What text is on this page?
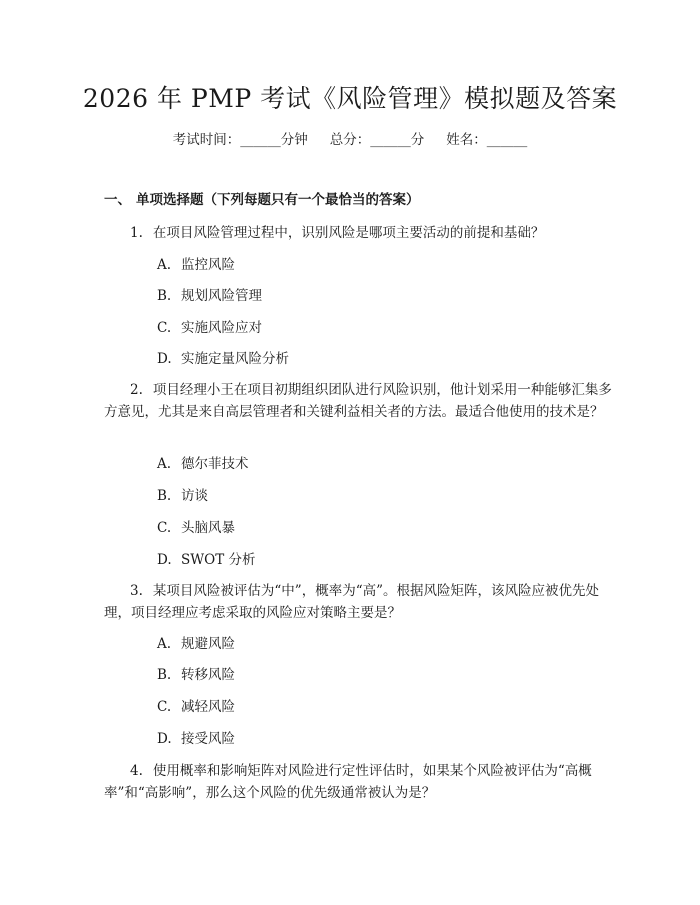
2026 年 PMP 考试《风险管理》模拟题及答案
考试时间：______分钟 总分：______分 姓名：______
一、 单项选择题（下列每题只有一个最恰当的答案）
1. 在项目风险管理过程中，识别风险是哪项主要活动的前提和基础？
A. 监控风险
B. 规划风险管理
C. 实施风险应对
D. 实施定量风险分析
2. 项目经理小王在项目初期组织团队进行风险识别，他计划采用一种能够汇集多方意见，尤其是来自高层管理者和关键利益相关者的方法。最适合他使用的技术是？
A. 德尔菲技术
B. 访谈
C. 头脑风暴
D. SWOT 分析
3. 某项目风险被评估为“中”，概率为“高”。根据风险矩阵，该风险应被优先处理，项目经理应考虑采取的风险应对策略主要是？
A. 规避风险
B. 转移风险
C. 减轻风险
D. 接受风险
4. 使用概率和影响矩阵对风险进行定性评估时，如果某个风险被评估为“高概率”和“高影响”，那么这个风险的优先级通常被认为是？
